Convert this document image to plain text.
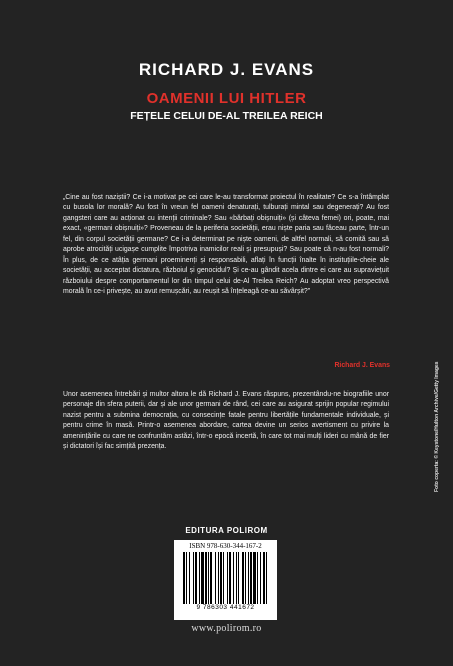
RICHARD J. EVANS
OAMENII LUI HITLER
FEȚELE CELUI DE-AL TREILEA REICH
„Cine au fost naziștii? Ce i-a motivat pe cei care le-au transformat proiectul în realitate? Ce s-a întâmplat cu busola lor morală? Au fost în vreun fel oameni denaturați, tulburați mintal sau degenerați? Au fost gangsteri care au acționat cu intenții criminale? Sau «bărbați obișnuiți» (și câteva femei) ori, poate, mai exact, «germani obișnuiți»? Proveneau de la periferia societății, erau niște paria sau făceau parte, într-un fel, din corpul societății germane? Ce i-a determinat pe niște oameni, de altfel normali, să comită sau să aprobe atrocități ucigașe cumplite împotriva inamicilor reali și presupuși? Sau poate că n-au fost normali? În plus, de ce atâția germani proeminenți și responsabili, aflați în funcții înalte în instituțiile-cheie ale societății, au acceptat dictatura, războiul și genocidul? Și ce-au gândit acela dintre ei care au supraviețuit războiului despre comportamentul lor din timpul celui de-Al Treilea Reich? Au adoptat vreo perspectivă morală în ce-i privește, au avut remușcări, au reușit să înțeleagă ce-au săvârșit?”
Richard J. Evans
Unor asemenea întrebări și multor altora le dă Richard J. Evans răspuns, prezentându-ne biografiile unor personaje din sfera puterii, dar și ale unor germani de rând, cei care au asigurat sprijin popular regimului nazist pentru a submina democrația, cu consecințe fatale pentru libertățile fundamentale individuale, și pentru crime în masă. Printr-o asemenea abordare, cartea devine un serios avertisment cu privire la amenințările cu care ne confruntăm astăzi, într-o epocă incertă, în care tot mai mulți lideri cu mână de fier și dictatori își fac simțită prezența.
EDITURA POLIROM
ISBN 978-630-344-167-2
9 786303 441672
www.polirom.ro
Foto coperta: © Keystone/Hulton Archive/Getty Images
